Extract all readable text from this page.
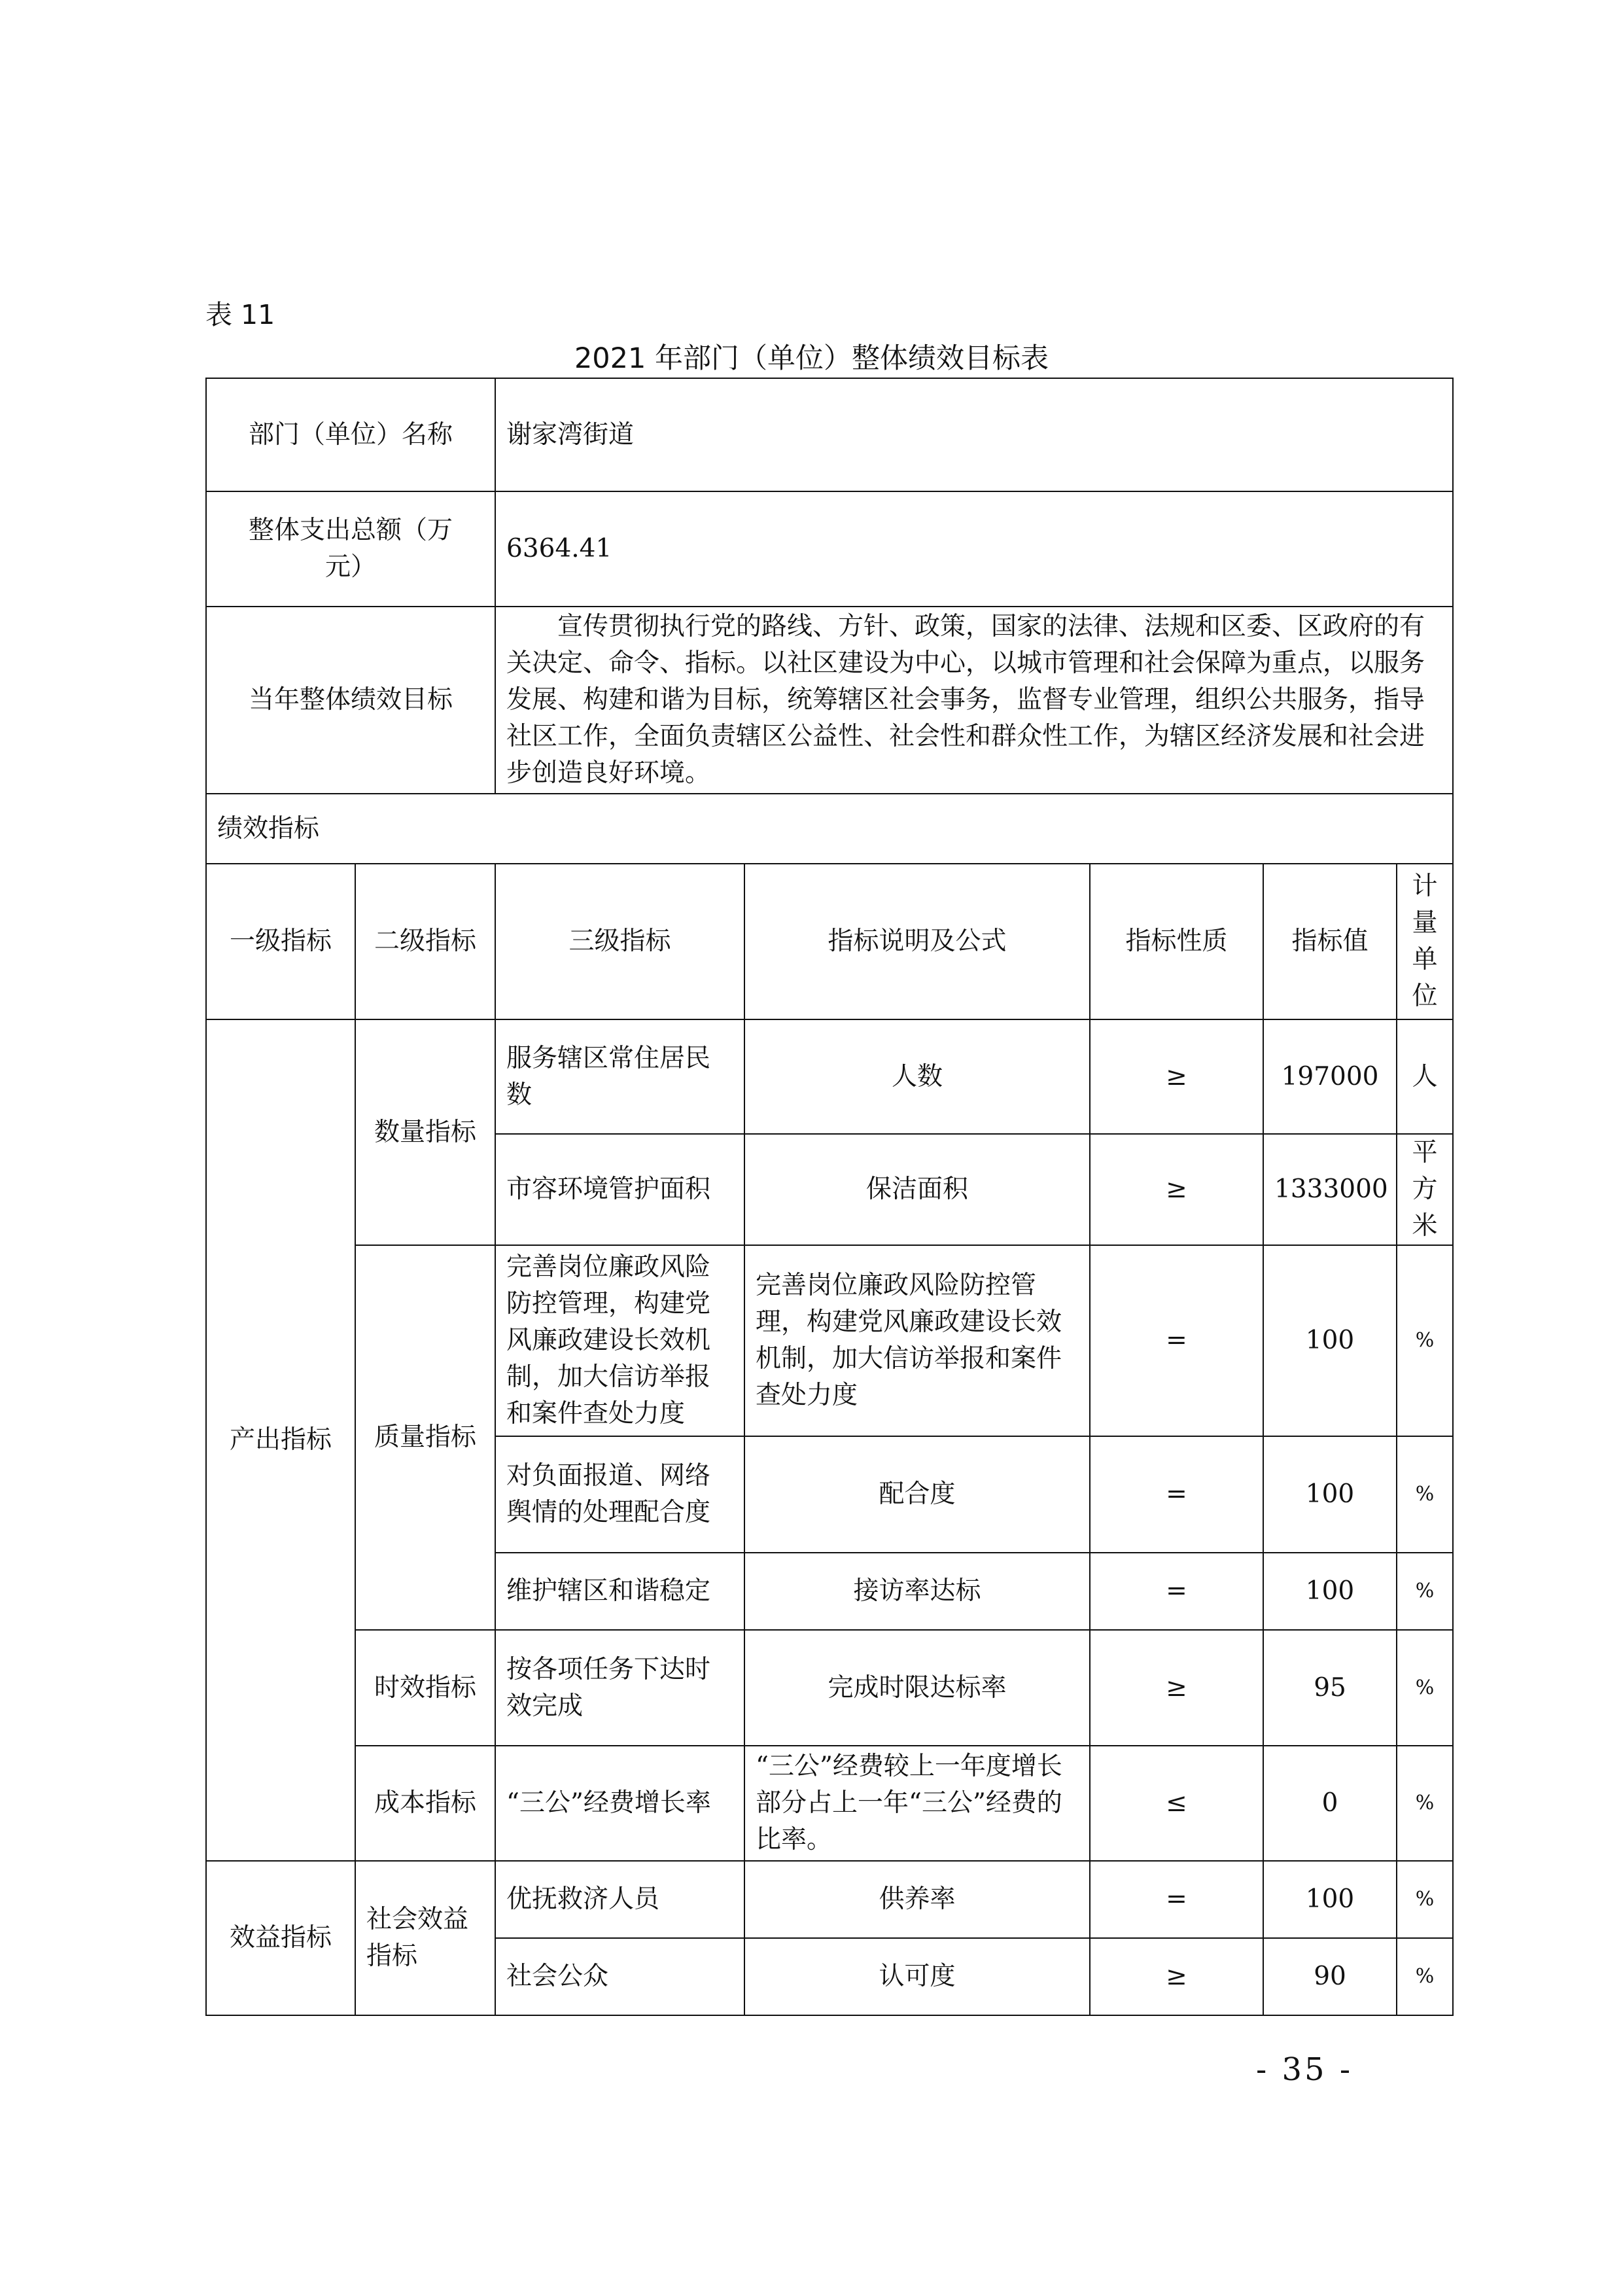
表 11
2021 年部门（单位）整体绩效目标表
部门（单位）名称		谢家湾街道				
整体支出总额（万元）		6364.41				
当年整体绩效目标		宣传贯彻执行党的路线、方针、政策，国家的法律、法规和区委、区政府的有关决定、命令、指标。以社区建设为中心，以城市管理和社会保障为重点，以服务发展、构建和谐为目标，统筹辖区社会事务，监督专业管理，组织公共服务，指导社区工作，全面负责辖区公益性、社会性和群众性工作，为辖区经济发展和社会进步创造良好环境。				
绩效指标						
一级指标	二级指标	三级指标	指标说明及公式	指标性质	指标值	计量单位
产出指标	数量指标	服务辖区常住居民数	人数	≥	197000	人
		市容环境管护面积	保洁面积	≥	1333000	平方米
	质量指标	完善岗位廉政风险防控管理，构建党风廉政建设长效机制，加大信访举报和案件查处力度	完善岗位廉政风险防控管理，构建党风廉政建设长效机制，加大信访举报和案件查处力度	=	100	%
		对负面报道、网络舆情的处理配合度	配合度	=	100	%
		维护辖区和谐稳定	接访率达标	=	100	%
	时效指标	按各项任务下达时效完成	完成时限达标率	≥	95	%
	成本指标	“三公”经费增长率	“三公”经费较上一年度增长部分占上一年“三公”经费的比率。	≤	0	%
效益指标	社会效益指标	优抚救济人员	供养率	=	100	%
		社会公众	认可度	≥	90	%
- 35 -
